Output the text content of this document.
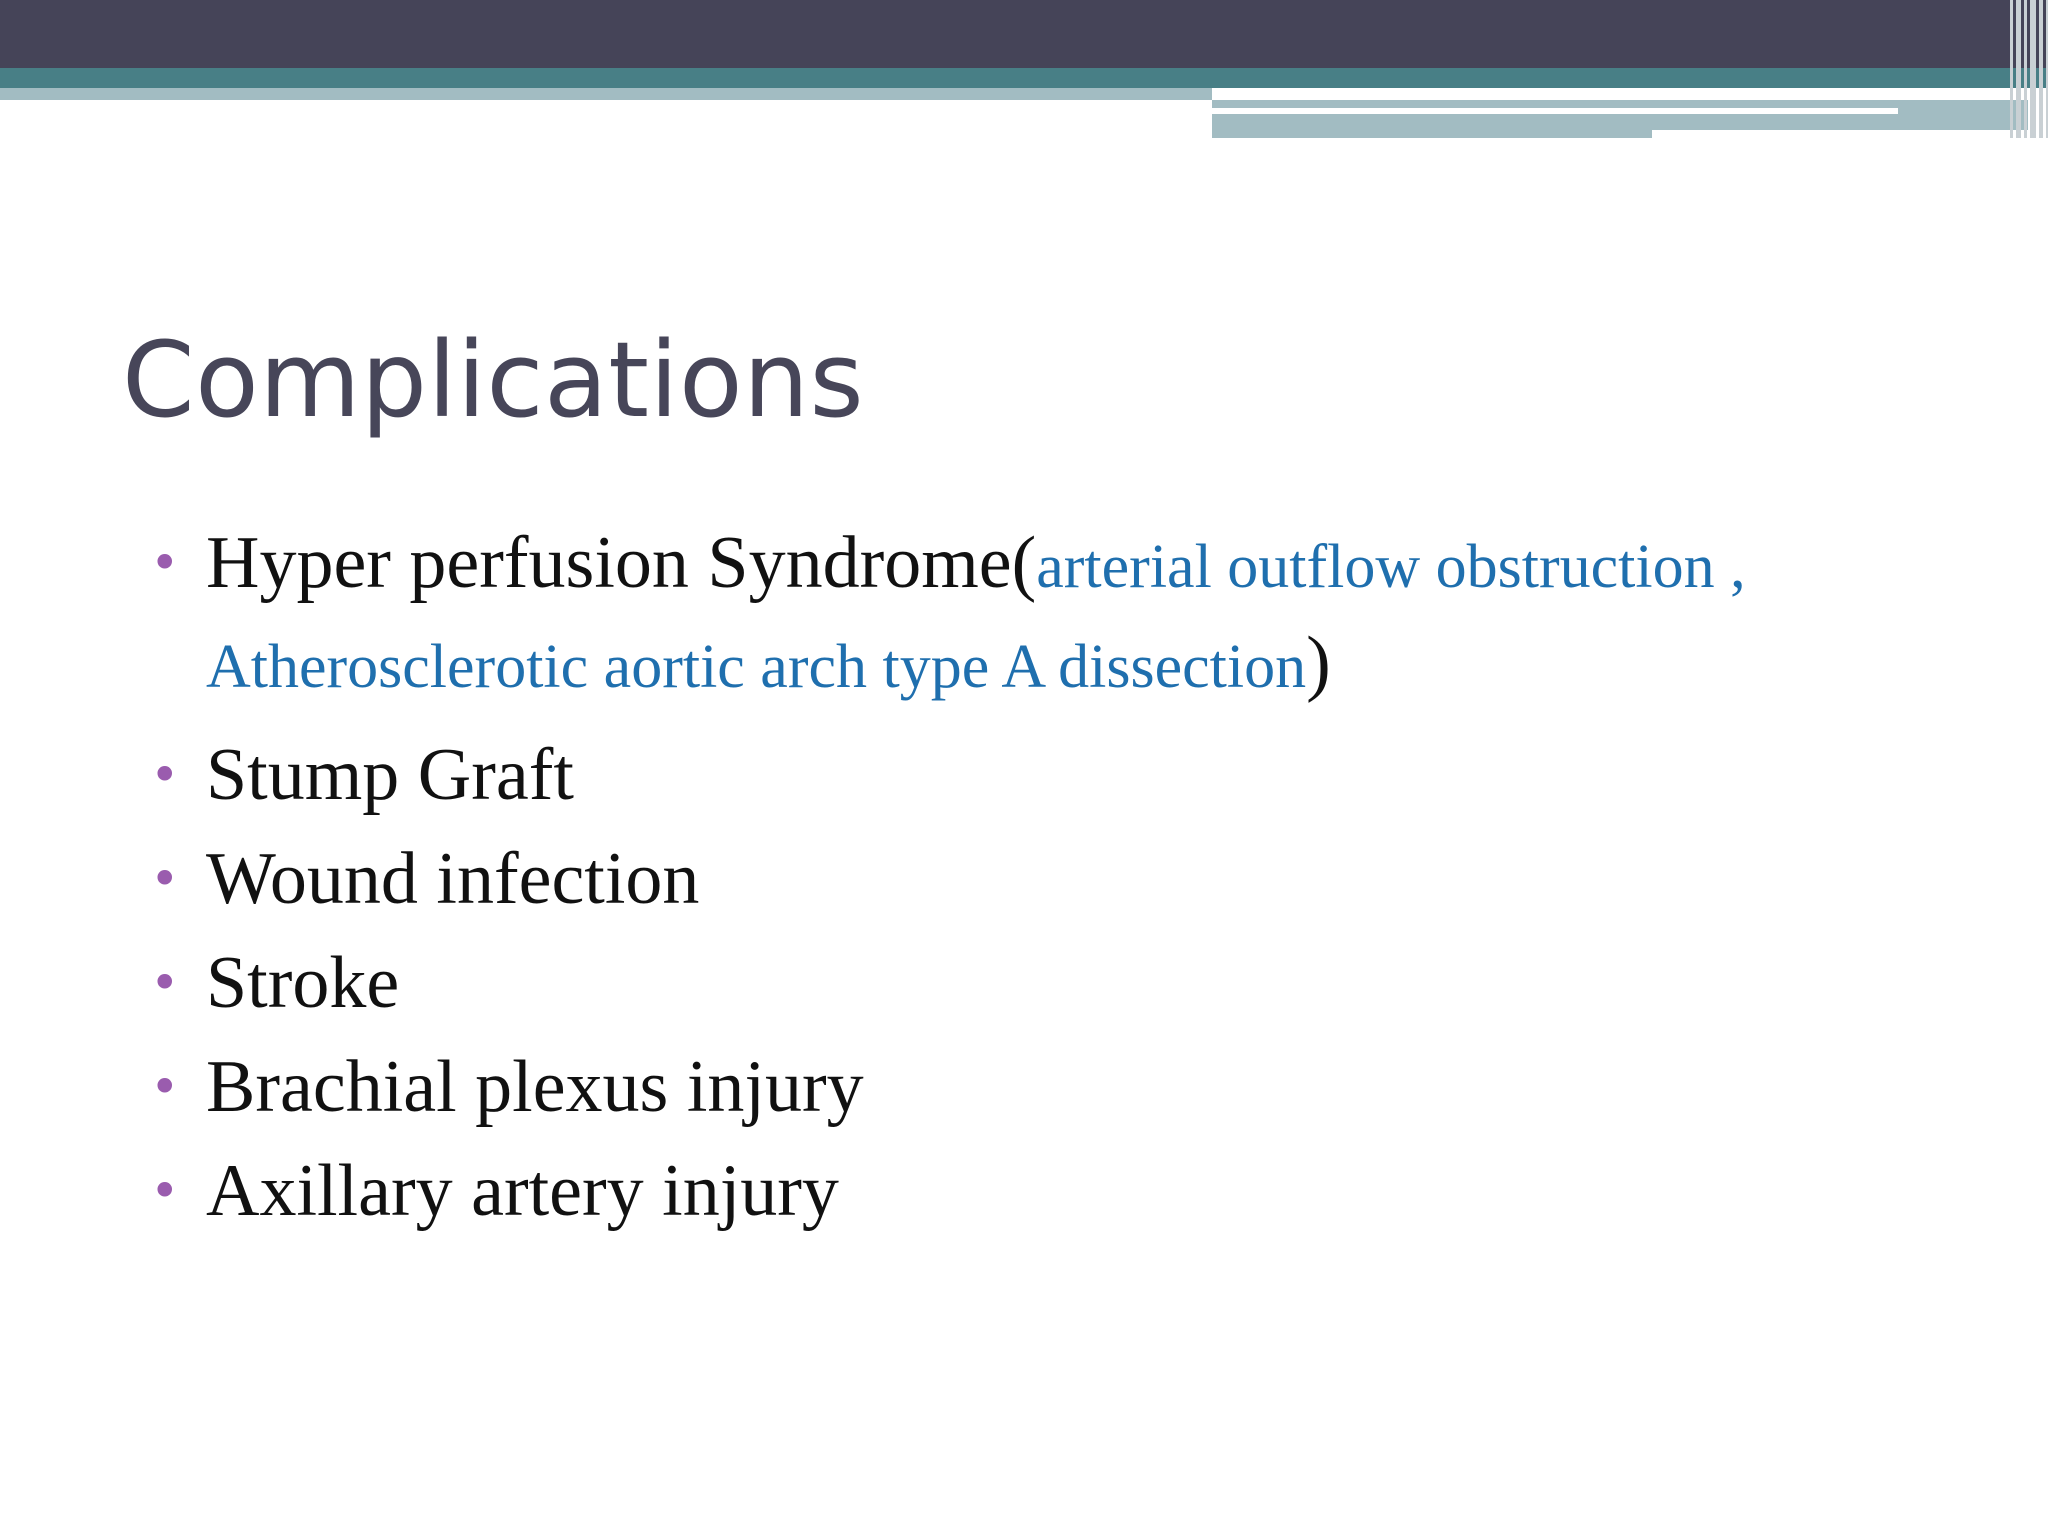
Complications
• Hyper perfusion Syndrome(arterial outflow obstruction , Atherosclerotic aortic arch type A dissection)
• Stump Graft
• Wound infection
• Stroke
• Brachial plexus injury
• Axillary artery injury
